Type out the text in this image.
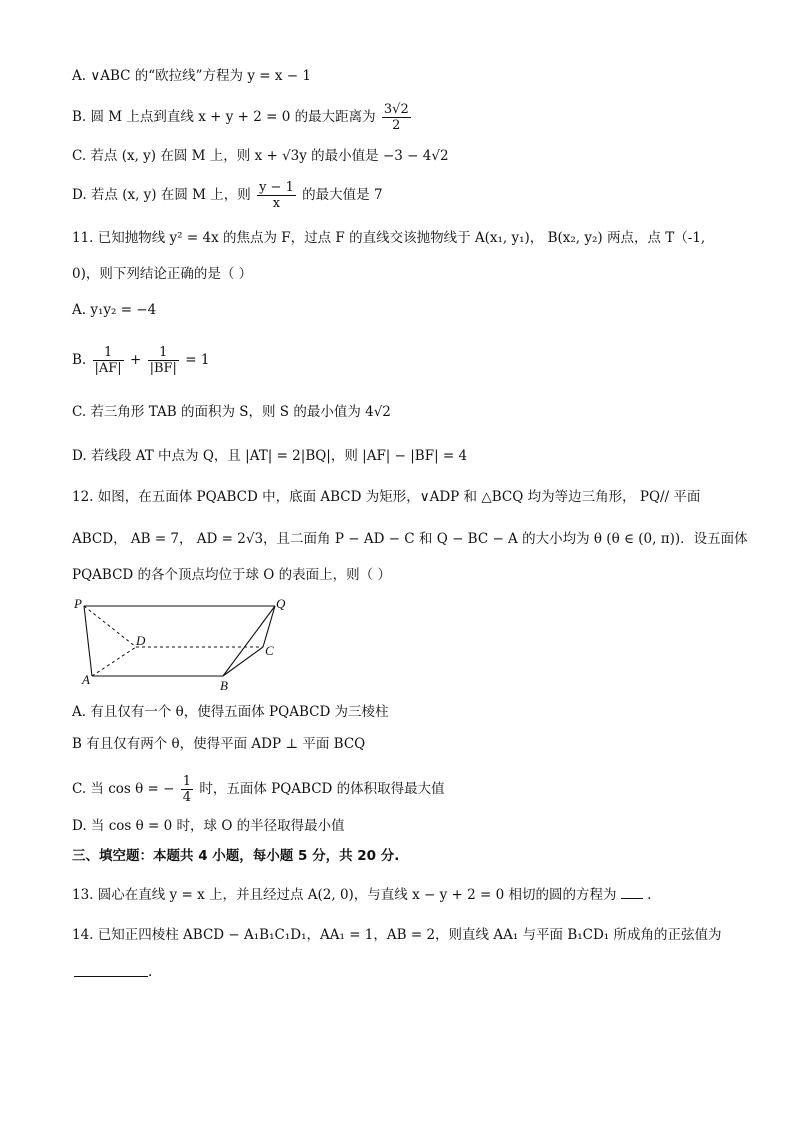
A. ∨ABC 的“欧拉线”方程为 y = x − 1
B. 圆 M 上点到直线 x + y + 2 = 0 的最大距离为 $\frac{3√2}{2}$
C. 若点 (x, y) 在圆 M 上，则 x + √3y 的最小值是 −3 − 4√2
D. 若点 (x, y) 在圆 M 上，则 $\frac{y - 1}{x}$ 的最大值是 7
11. 已知抛物线 y² = 4x 的焦点为 F，过点 F 的直线交该抛物线于 A(x₁, y₁)， B(x₂, y₂) 两点，点 T（-1,
0)，则下列结论正确的是（ ）
A. y₁y₂ = −4
B. $\frac{1}{|AF|} + \frac{1}{|BF|} = 1$
C. 若三角形 TAB 的面积为 S，则 S 的最小值为 4√2
D. 若线段 AT 中点为 Q，且 |AT| = 2|BQ|，则 |AF| − |BF| = 4
12. 如图，在五面体 PQABCD 中，底面 ABCD 为矩形，∨ADP 和 △BCQ 均为等边三角形， PQ// 平面
ABCD， AB = 7， AD = 2√3，且二面角 P − AD − C 和 Q − BC − A 的大小均为 θ (θ ∈ (0, π))．设五面体
PQABCD 的各个顶点均位于球 O 的表面上，则（ ）
P	Q
D
C
A	B
A. 有且仅有一个 θ，使得五面体 PQABCD 为三棱柱
B 有且仅有两个 θ，使得平面 ADP ⊥ 平面 BCQ
C. 当 cos θ = − $\frac{1}{4}$ 时，五面体 PQABCD 的体积取得最大值
D. 当 cos θ = 0 时，球 O 的半径取得最小值
三、填空题：本题共 4 小题，每小题 5 分，共 20 分.
13. 圆心在直线 y = x 上，并且经过点 A(2, 0)，与直线 x − y + 2 = 0 相切的圆的方程为 .
14. 已知正四棱柱 ABCD − A₁B₁C₁D₁，AA₁ = 1，AB = 2，则直线 AA₁ 与平面 B₁CD₁ 所成角的正弦值为
.
